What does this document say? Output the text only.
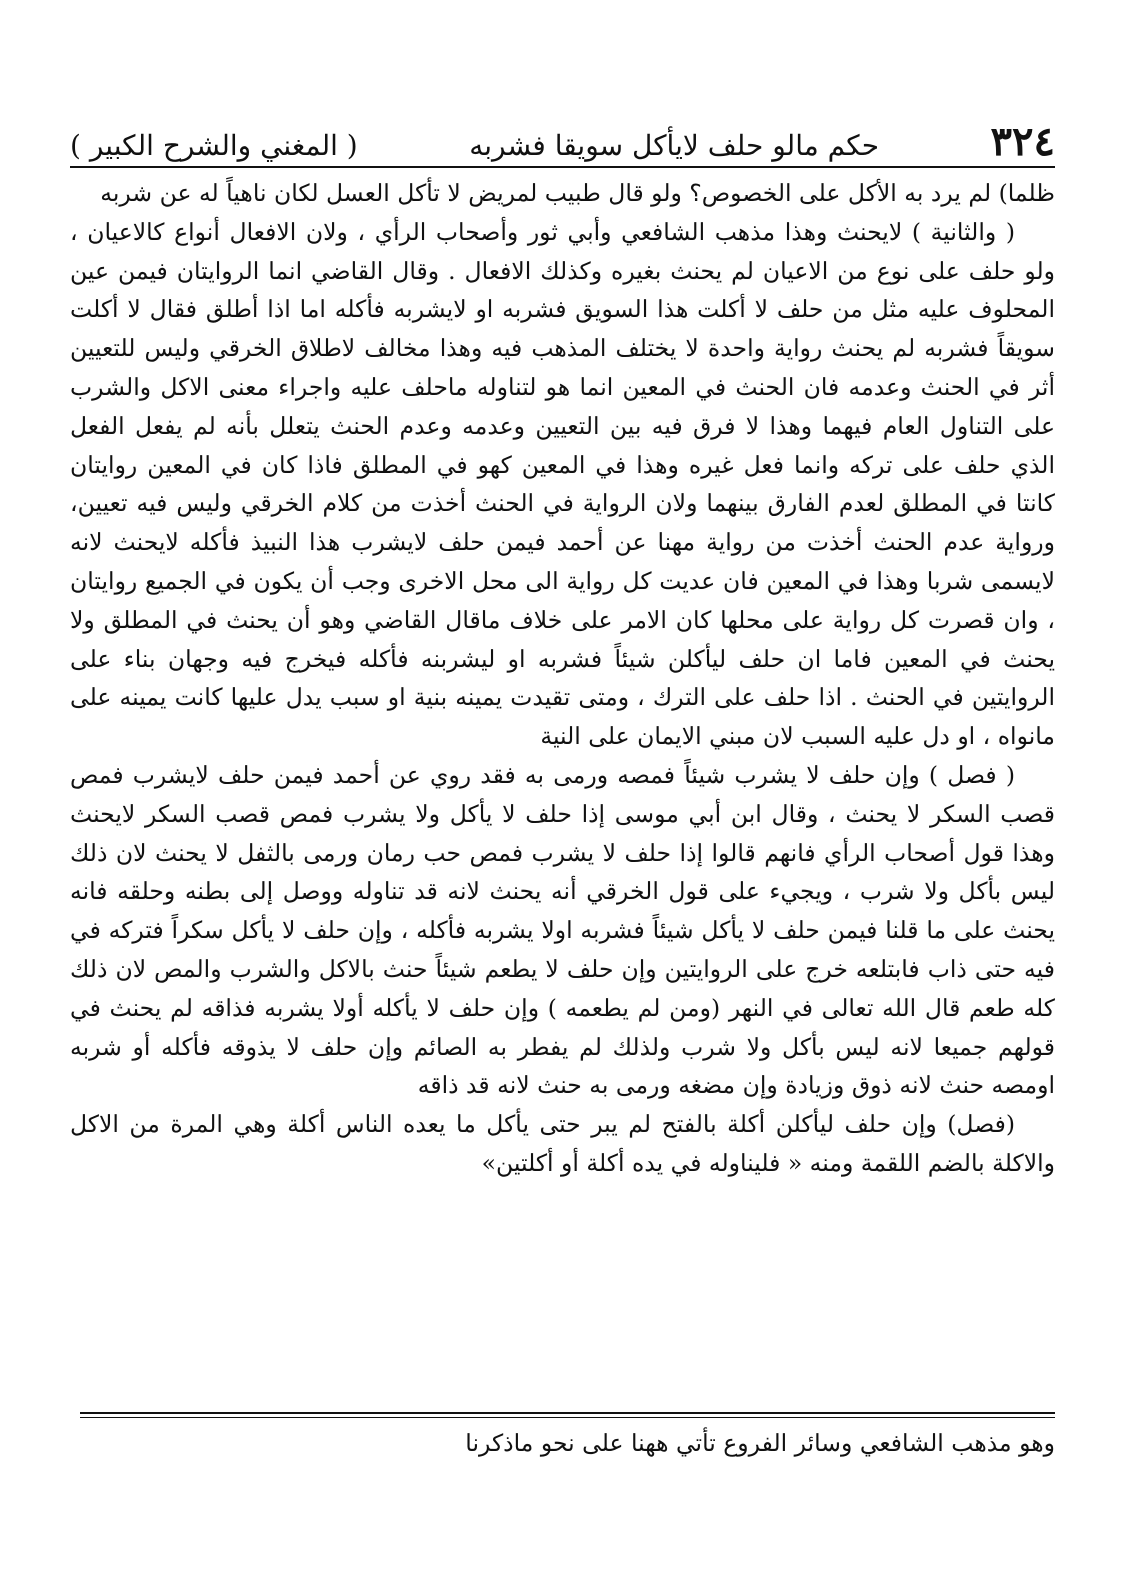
٣٢٤
حكم مالو حلف لايأكل سويقا فشربه
( المغني والشرح الكبير )

ظلما) لم يرد به الأكل على الخصوص؟ ولو قال طبيب لمريض لا تأكل العسل لكان ناهياً له عن شربه

( والثانية ) لايحنث وهذا مذهب الشافعي وأبي ثور وأصحاب الرأي ، ولان الافعال أنواع كالاعيان ، ولو حلف على نوع من الاعيان لم يحنث بغيره وكذلك الافعال . وقال القاضي انما الروايتان فيمن عين المحلوف عليه مثل من حلف لا أكلت هذا السويق فشربه او لايشربه فأكله اما اذا أطلق فقال لا أكلت سويقاً فشربه لم يحنث رواية واحدة لا يختلف المذهب فيه وهذا مخالف لاطلاق الخرقي وليس للتعيين أثر في الحنث وعدمه فان الحنث في المعين انما هو لتناوله ماحلف عليه واجراء معنى الاكل والشرب على التناول العام فيهما وهذا لا فرق فيه بين التعيين وعدمه وعدم الحنث يتعلل بأنه لم يفعل الفعل الذي حلف على تركه وانما فعل غيره وهذا في المعين كهو في المطلق فاذا كان في المعين روايتان كانتا في المطلق لعدم الفارق بينهما ولان الرواية في الحنث أخذت من كلام الخرقي وليس فيه تعيين، ورواية عدم الحنث أخذت من رواية مهنا عن أحمد فيمن حلف لايشرب هذا النبيذ فأكله لايحنث لانه لايسمى شربا وهذا في المعين فان عديت كل رواية الى محل الاخرى وجب أن يكون في الجميع روايتان ، وان قصرت كل رواية على محلها كان الامر على خلاف ماقال القاضي وهو أن يحنث في المطلق ولا يحنث في المعين فاما ان حلف ليأكلن شيئاً فشربه او ليشربنه فأكله فيخرج فيه وجهان بناء على الروايتين في الحنث . اذا حلف على الترك ، ومتى تقيدت يمينه بنية او سبب يدل عليها كانت يمينه على مانواه ، او دل عليه السبب لان مبني الايمان على النية

( فصل ) وإن حلف لا يشرب شيئاً فمصه ورمى به فقد روي عن أحمد فيمن حلف لايشرب فمص قصب السكر لا يحنث ، وقال ابن أبي موسى إذا حلف لا يأكل ولا يشرب فمص قصب السكر لايحنث وهذا قول أصحاب الرأي فانهم قالوا إذا حلف لا يشرب فمص حب رمان ورمى بالثفل لا يحنث لان ذلك ليس بأكل ولا شرب ، ويجيء على قول الخرقي أنه يحنث لانه قد تناوله ووصل إلى بطنه وحلقه فانه يحنث على ما قلنا فيمن حلف لا يأكل شيئاً فشربه اولا يشربه فأكله ، وإن حلف لا يأكل سكراً فتركه في فيه حتى ذاب فابتلعه خرج على الروايتين وإن حلف لا يطعم شيئاً حنث بالاكل والشرب والمص لان ذلك كله طعم قال الله تعالى في النهر (ومن لم يطعمه ) وإن حلف لا يأكله أولا يشربه فذاقه لم يحنث في قولهم جميعا لانه ليس بأكل ولا شرب ولذلك لم يفطر به الصائم وإن حلف لا يذوقه فأكله أو شربه اومصه حنث لانه ذوق وزيادة وإن مضغه ورمى به حنث لانه قد ذاقه

(فصل) وإن حلف ليأكلن أكلة بالفتح لم يبر حتى يأكل ما يعده الناس أكلة وهي المرة من الاكل والاكلة بالضم اللقمة ومنه « فليناوله في يده أكلة أو أكلتين»

وهو مذهب الشافعي وسائر الفروع تأتي ههنا على نحو ماذكرنا
